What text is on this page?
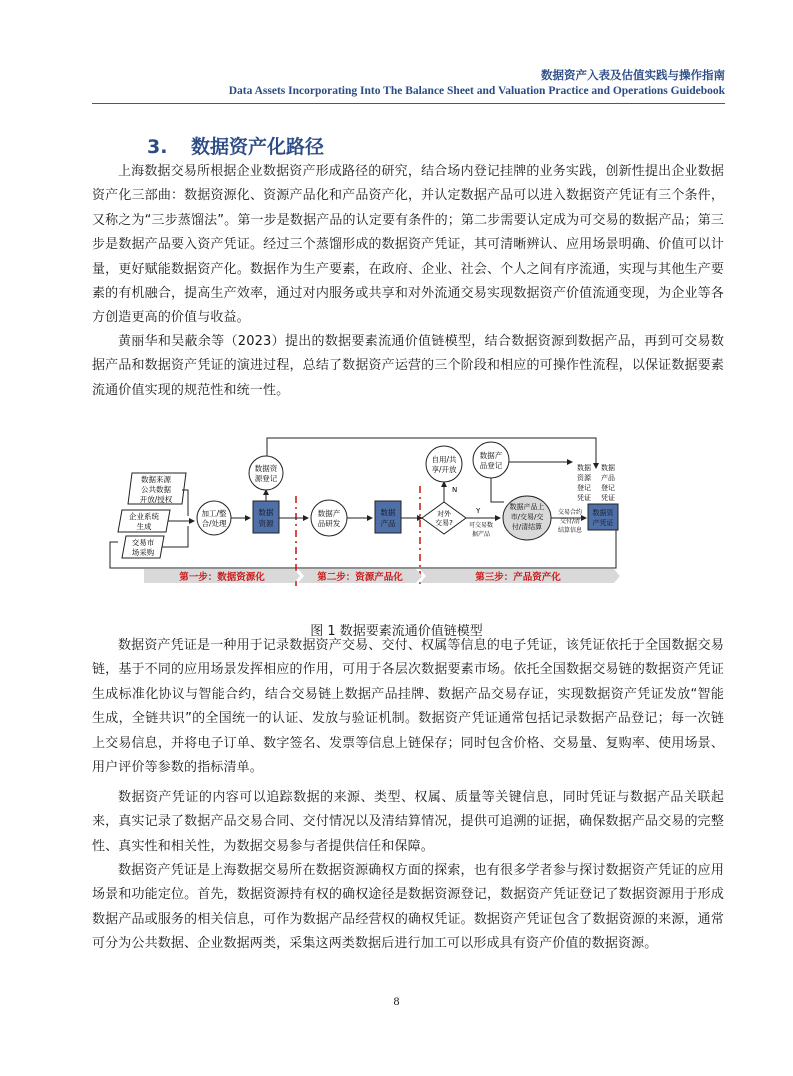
数据资产入表及估值实践与操作指南
Data Assets Incorporating Into The Balance Sheet and Valuation Practice and Operations Guidebook
3. 数据资产化路径
上海数据交易所根据企业数据资产形成路径的研究，结合场内登记挂牌的业务实践，创新性提出企业数据资产化三部曲：数据资源化、资源产品化和产品资产化，并认定数据产品可以进入数据资产凭证有三个条件，又称之为“三步蒸馏法”。第一步是数据产品的认定要有条件的；第二步需要认定成为可交易的数据产品；第三步是数据产品要入资产凭证。经过三个蒸馏形成的数据资产凭证，其可清晰辨认、应用场景明确、价值可以计量，更好赋能数据资产化。数据作为生产要素，在政府、企业、社会、个人之间有序流通，实现与其他生产要素的有机融合，提高生产效率，通过对内服务或共享和对外流通交易实现数据资产价值流通变现，为企业等各方创造更高的价值与收益。
黄丽华和吴蔽余等（2023）提出的数据要素流通价值链模型，结合数据资源到数据产品，再到可交易数据产品和数据资产凭证的演进过程，总结了数据资产运营的三个阶段和相应的可操作性流程，以保证数据要素流通价值实现的规范性和统一性。
数据来源
公共数据
开放/授权
企业系统
生成
交易市
场采购
加工/整
合/处理
数据
资源
数据资
源登记
数据产
品研发
数据
产品
对外
交易?
N
自用/共
享/开放
Y
可交易数
据产品
数据产
品登记
数据产品上
市/交易/交
付/清结算
交易合约
交付/清
结算信息
数据
资源
登记
凭证
数据
产品
登记
凭证
数据资
产凭证
第一步：数据资源化	第二步：资源产品化	第三步：产品资产化
图 1 数据要素流通价值链模型
数据资产凭证是一种用于记录数据资产交易、交付、权属等信息的电子凭证，该凭证依托于全国数据交易链，基于不同的应用场景发挥相应的作用，可用于各层次数据要素市场。依托全国数据交易链的数据资产凭证生成标准化协议与智能合约，结合交易链上数据产品挂牌、数据产品交易存证，实现数据资产凭证发放“智能生成，全链共识”的全国统一的认证、发放与验证机制。数据资产凭证通常包括记录数据产品登记；每一次链上交易信息，并将电子订单、数字签名、发票等信息上链保存；同时包含价格、交易量、复购率、使用场景、用户评价等参数的指标清单。
数据资产凭证的内容可以追踪数据的来源、类型、权属、质量等关键信息，同时凭证与数据产品关联起来，真实记录了数据产品交易合同、交付情况以及清结算情况，提供可追溯的证据，确保数据产品交易的完整性、真实性和相关性，为数据交易参与者提供信任和保障。
数据资产凭证是上海数据交易所在数据资源确权方面的探索，也有很多学者参与探讨数据资产凭证的应用场景和功能定位。首先，数据资源持有权的确权途径是数据资源登记，数据资产凭证登记了数据资源用于形成数据产品或服务的相关信息，可作为数据产品经营权的确权凭证。数据资产凭证包含了数据资源的来源，通常可分为公共数据、企业数据两类，采集这两类数据后进行加工可以形成具有资产价值的数据资源。
8
